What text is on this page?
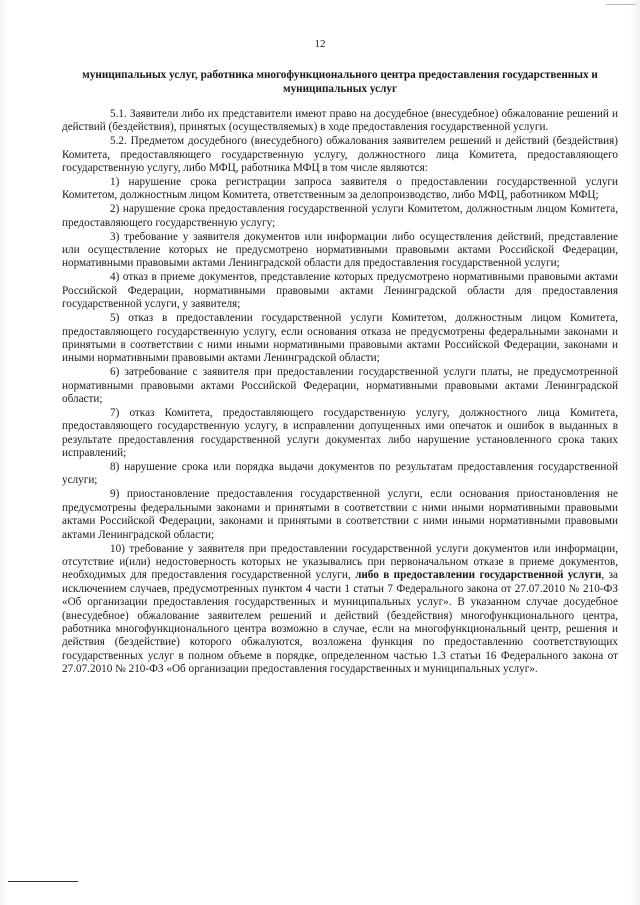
12
муниципальных услуг, работника многофункционального центра предоставления государственных и муниципальных услуг

5.1. Заявители либо их представители имеют право на досудебное (внесудебное) обжалование решений и действий (бездействия), принятых (осуществляемых) в ходе предоставления государственной услуги.

5.2. Предметом досудебного (внесудебного) обжалования заявителем решений и действий (бездействия) Комитета, предоставляющего государственную услугу, должностного лица Комитета, предоставляющего государственную услугу, либо МФЦ, работника МФЦ в том числе являются:

1) нарушение срока регистрации запроса заявителя о предоставлении государственной услуги Комитетом, должностным лицом Комитета, ответственным за делопроизводство, либо МФЦ, работником МФЦ;

2) нарушение срока предоставления государственной услуги Комитетом, должностным лицом Комитета, предоставляющего государственную услугу;

3) требование у заявителя документов или информации либо осуществления действий, представление или осуществление которых не предусмотрено нормативными правовыми актами Российской Федерации, нормативными правовыми актами Ленинградской области для предоставления государственной услуги;

4) отказ в приеме документов, представление которых предусмотрено нормативными правовыми актами Российской Федерации, нормативными правовыми актами Ленинградской области для предоставления государственной услуги, у заявителя;

5) отказ в предоставлении государственной услуги Комитетом, должностным лицом Комитета, предоставляющего государственную услугу, если основания отказа не предусмотрены федеральными законами и принятыми в соответствии с ними иными нормативными правовыми актами Российской Федерации, законами и иными нормативными правовыми актами Ленинградской области;

6) затребование с заявителя при предоставлении государственной услуги платы, не предусмотренной нормативными правовыми актами Российской Федерации, нормативными правовыми актами Ленинградской области;

7) отказ Комитета, предоставляющего государственную услугу, должностного лица Комитета, предоставляющего государственную услугу, в исправлении допущенных ими опечаток и ошибок в выданных в результате предоставления государственной услуги документах либо нарушение установленного срока таких исправлений;

8) нарушение срока или порядка выдачи документов по результатам предоставления государственной услуги;

9) приостановление предоставления государственной услуги, если основания приостановления не предусмотрены федеральными законами и принятыми в соответствии с ними иными нормативными правовыми актами Российской Федерации, законами и принятыми в соответствии с ними иными нормативными правовыми актами Ленинградской области;

10) требование у заявителя при предоставлении государственной услуги документов или информации, отсутствие и(или) недостоверность которых не указывались при первоначальном отказе в приеме документов, необходимых для предоставления государственной услуги, либо в предоставлении государственной услуги, за исключением случаев, предусмотренных пунктом 4 части 1 статьи 7 Федерального закона от 27.07.2010 № 210-ФЗ «Об организации предоставления государственных и муниципальных услуг». В указанном случае досудебное (внесудебное) обжалование заявителем решений и действий (бездействия) многофункционального центра, работника многофункционального центра возможно в случае, если на многофункциональный центр, решения и действия (бездействие) которого обжалуются, возложена функция по предоставлению соответствующих государственных услуг в полном объеме в порядке, определенном частью 1.3 статьи 16 Федерального закона от 27.07.2010 № 210-ФЗ «Об организации предоставления государственных и муниципальных услуг».
